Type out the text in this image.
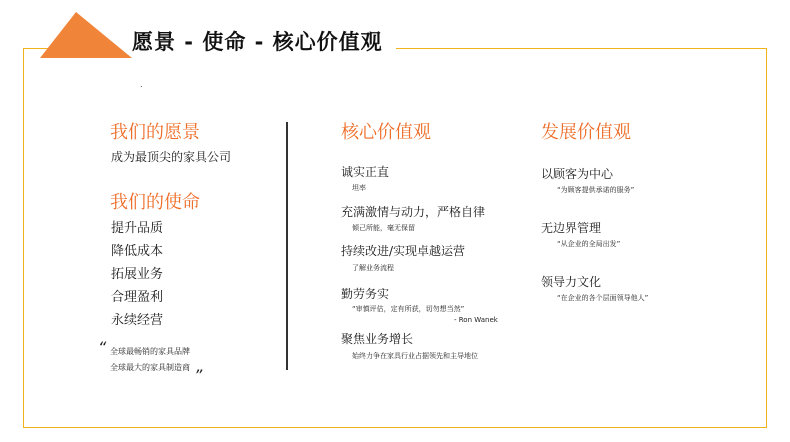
愿景 - 使命 - 核心价值观
.
我们的愿景
成为最顶尖的家具公司
我们的使命
提升品质
降低成本
拓展业务
合理盈利
永续经营
“ 全球最畅销的家具品牌
全球最大的家具制造商 ”
核心价值观
诚实正直
坦率
充满激情与动力，严格自律
倾己所能，毫无保留
持续改进/实现卓越运营
了解业务流程
勤劳务实
“审慎评估，定有所获，切勿想当然”
- Ron Wanek
聚焦业务增长
始终力争在家具行业占据领先和主导地位
发展价值观
以顾客为中心
“为顾客提供承诺的服务”
无边界管理
“从企业的全局出发”
领导力文化
“在企业的各个层面领导他人”
